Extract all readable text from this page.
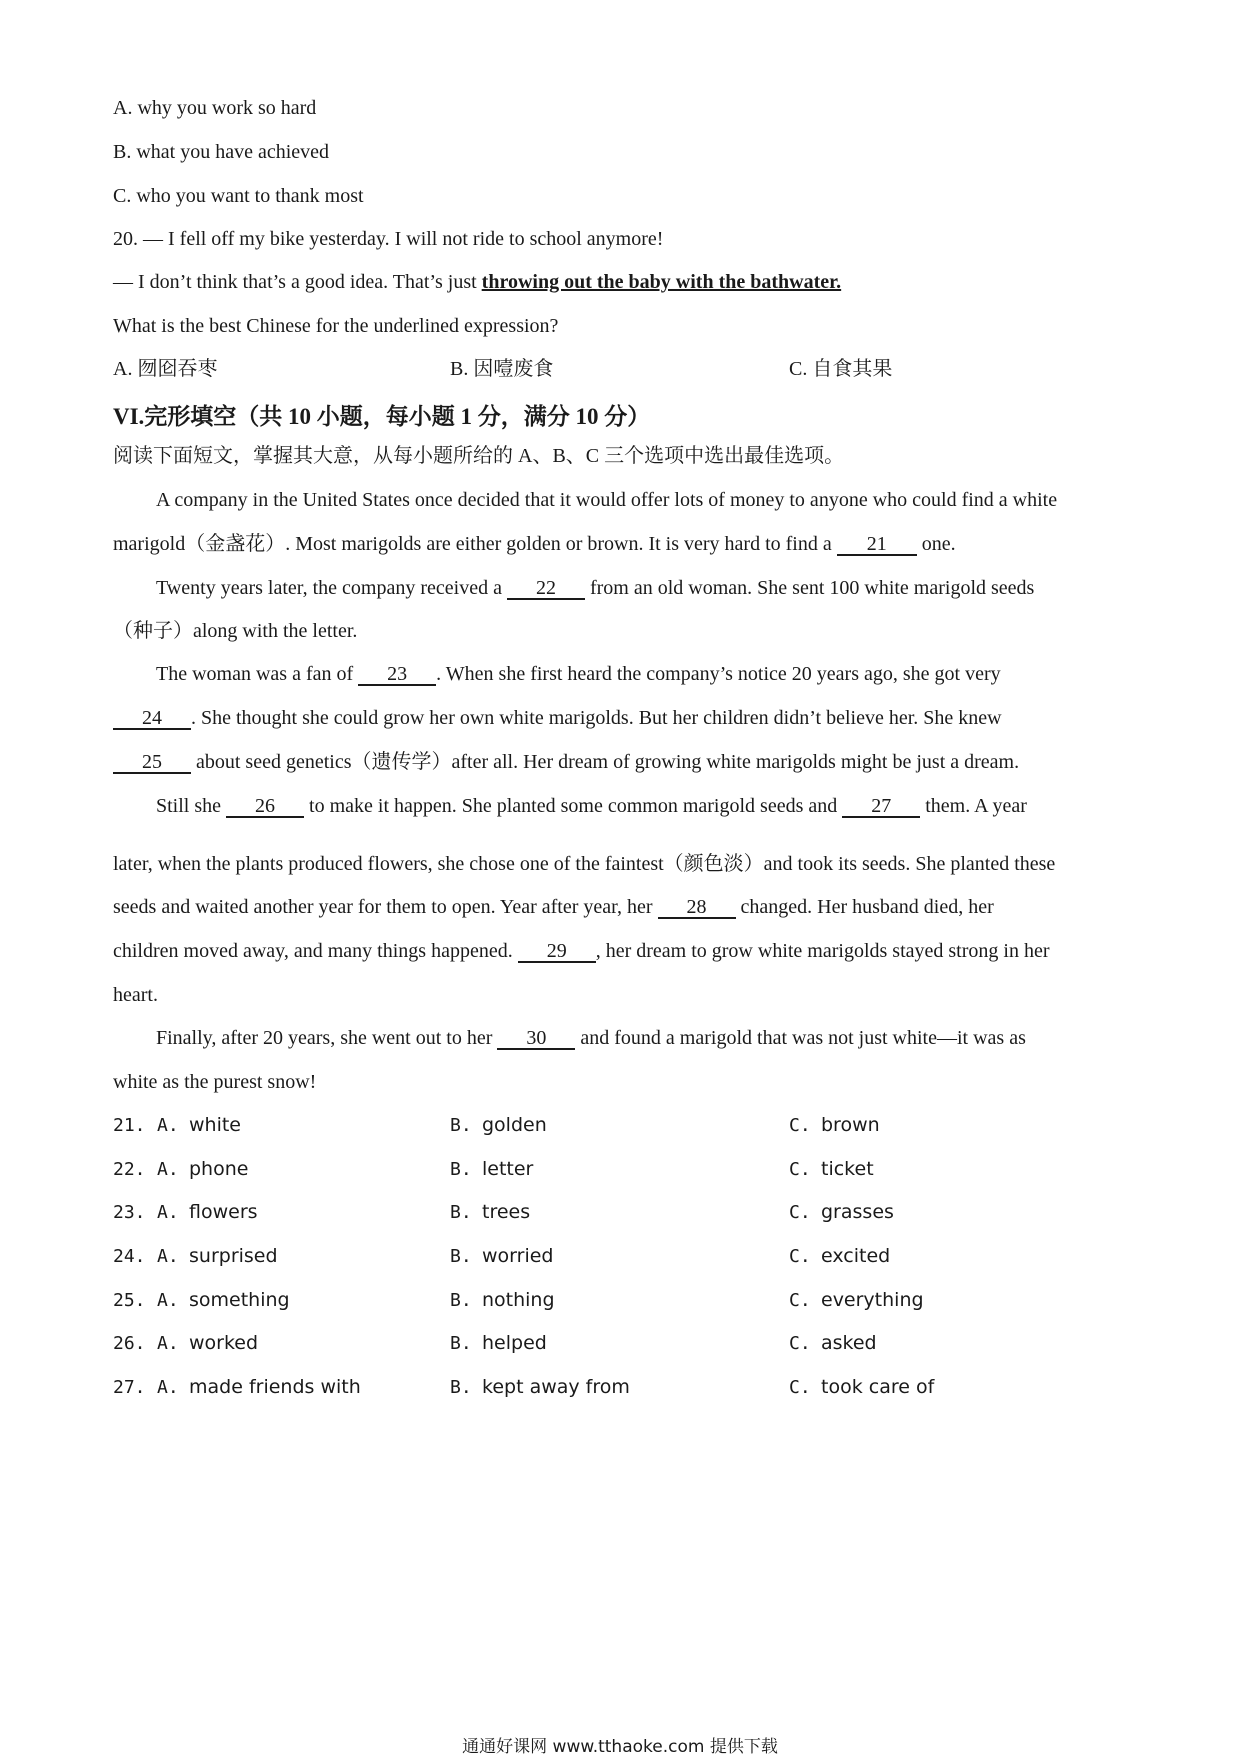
A. why you work so hard
B. what you have achieved
C. who you want to thank most
20. — I fell off my bike yesterday. I will not ride to school anymore!
— I don’t think that’s a good idea. That’s just throwing out the baby with the bathwater.
What is the best Chinese for the underlined expression?
A. 囫囵吞枣	B. 因噎废食	C. 自食其果
VI.完形填空（共 10 小题，每小题 1 分，满分 10 分）
阅读下面短文，掌握其大意，从每小题所给的 A、B、C 三个选项中选出最佳选项。
A company in the United States once decided that it would offer lots of money to anyone who could find a white
marigold（金盏花）. Most marigolds are either golden or brown. It is very hard to find a 21 one.
Twenty years later, the company received a 22 from an old woman. She sent 100 white marigold seeds
（种子）along with the letter.
The woman was a fan of 23 . When she first heard the company’s notice 20 years ago, she got very
24 . She thought she could grow her own white marigolds. But her children didn’t believe her. She knew
25 about seed genetics（遗传学）after all. Her dream of growing white marigolds might be just a dream.
Still she 26 to make it happen. She planted some common marigold seeds and 27 them. A year
later, when the plants produced flowers, she chose one of the faintest（颜色淡）and took its seeds. She planted these
seeds and waited another year for them to open. Year after year, her 28 changed. Her husband died, her
children moved away, and many things happened. 29 , her dream to grow white marigolds stayed strong in her
heart.
Finally, after 20 years, she went out to her 30 and found a marigold that was not just white—it was as
white as the purest snow!
21. A. white	B. golden	C. brown
22. A. phone	B. letter	C. ticket
23. A. flowers	B. trees	C. grasses
24. A. surprised	B. worried	C. excited
25. A. something	B. nothing	C. everything
26. A. worked	B. helped	C. asked
27. A. made friends with	B. kept away from	C. took care of
通通好课网 www.tthaoke.com 提供下载
